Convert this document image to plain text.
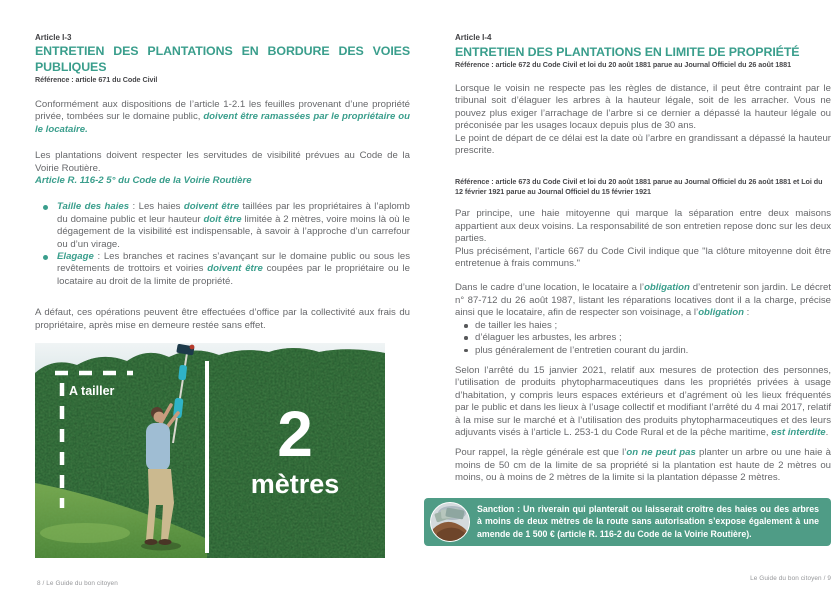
Article I-3
ENTRETIEN DES PLANTATIONS EN BORDURE DES VOIES PUBLIQUES
Référence : article 671 du Code Civil
Conformément aux dispositions de l’article 1-2.1 les feuilles provenant d’une propriété privée, tombées sur le domaine public, doivent être ramassées par le propriétaire ou le locataire.
Les plantations doivent respecter les servitudes de visibilité prévues au Code de la Voirie Routière.
Article R. 116-2 5° du Code de la Voirie Routière
Taille des haies : Les haies doivent être taillées par les propriétaires à l’aplomb du domaine public et leur hauteur doit être limitée à 2 mètres, voire moins là où le dégagement de la visibilité est indispensable, à savoir à l’approche d’un carrefour ou d’un virage.
Elagage : Les branches et racines s’avançant sur le domaine public ou sous les revêtements de trottoirs et voiries doivent être coupées par le propriétaire ou le locataire au droit de la limite de propriété.
A défaut, ces opérations peuvent être effectuées d’office par la collectivité aux frais du propriétaire, après mise en demeure restée sans effet.
A tailler
2
mètres
Article I-4
ENTRETIEN DES PLANTATIONS EN LIMITE DE PROPRIÉTÉ
Référence : article 672 du Code Civil et loi du 20 août 1881 parue au Journal Officiel du 26 août 1881
Lorsque le voisin ne respecte pas les règles de distance, il peut être contraint par le tribunal soit d’élaguer les arbres à la hauteur légale, soit de les arracher. Vous ne pouvez plus exiger l’arrachage de l’arbre si ce dernier a dépassé la hauteur légale ou préconisée par les usages locaux depuis plus de 30 ans.
Le point de départ de ce délai est la date où l’arbre en grandissant a dépassé la hauteur prescrite.
Référence : article 673 du Code Civil et loi du 20 août 1881 parue au Journal Officiel du 26 août 1881 et Loi du 12 février 1921 parue au Journal Officiel du 15 février 1921
Par principe, une haie mitoyenne qui marque la séparation entre deux maisons appartient aux deux voisins. La responsabilité de son entretien repose donc sur les deux parties.
Plus précisément, l’article 667 du Code Civil indique que "la clôture mitoyenne doit être entretenue à frais communs."
Dans le cadre d’une location, le locataire a l’obligation d’entretenir son jardin. Le décret n° 87-712 du 26 août 1987, listant les réparations locatives dont il a la charge, précise ainsi que le locataire, afin de respecter son voisinage, a l’obligation :
de tailler les haies ;
d’élaguer les arbustes, les arbres ;
plus généralement de l’entretien courant du jardin.
Selon l’arrêté du 15 janvier 2021, relatif aux mesures de protection des personnes, l’utilisation de produits phytopharmaceutiques dans les propriétés privées à usage d’habitation, y compris leurs espaces extérieurs et d’agrément où les lieux fréquentés par le public et dans les lieux à l’usage collectif et modifiant l’arrêté du 4 mai 2017, relatif à la mise sur le marché et à l’utilisation des produits phytopharmaceutiques et des leurs adjuvants visés à l’article L. 253-1 du Code Rural et de la pêche maritime, est interdite.
Pour rappel, la règle générale est que l’on ne peut pas planter un arbre ou une haie à moins de 50 cm de la limite de sa propriété si la plantation est haute de 2 mètres ou moins, ou à moins de 2 mètres de la limite si la plantation dépasse 2 mètres.
Sanction : Un riverain qui planterait ou laisserait croître des haies ou des arbres à moins de deux mètres de la route sans autorisation s’expose également à une amende de 1 500 € (article R. 116-2 du Code de la Voirie Routière).
8 / Le Guide du bon citoyen
Le Guide du bon citoyen / 9
